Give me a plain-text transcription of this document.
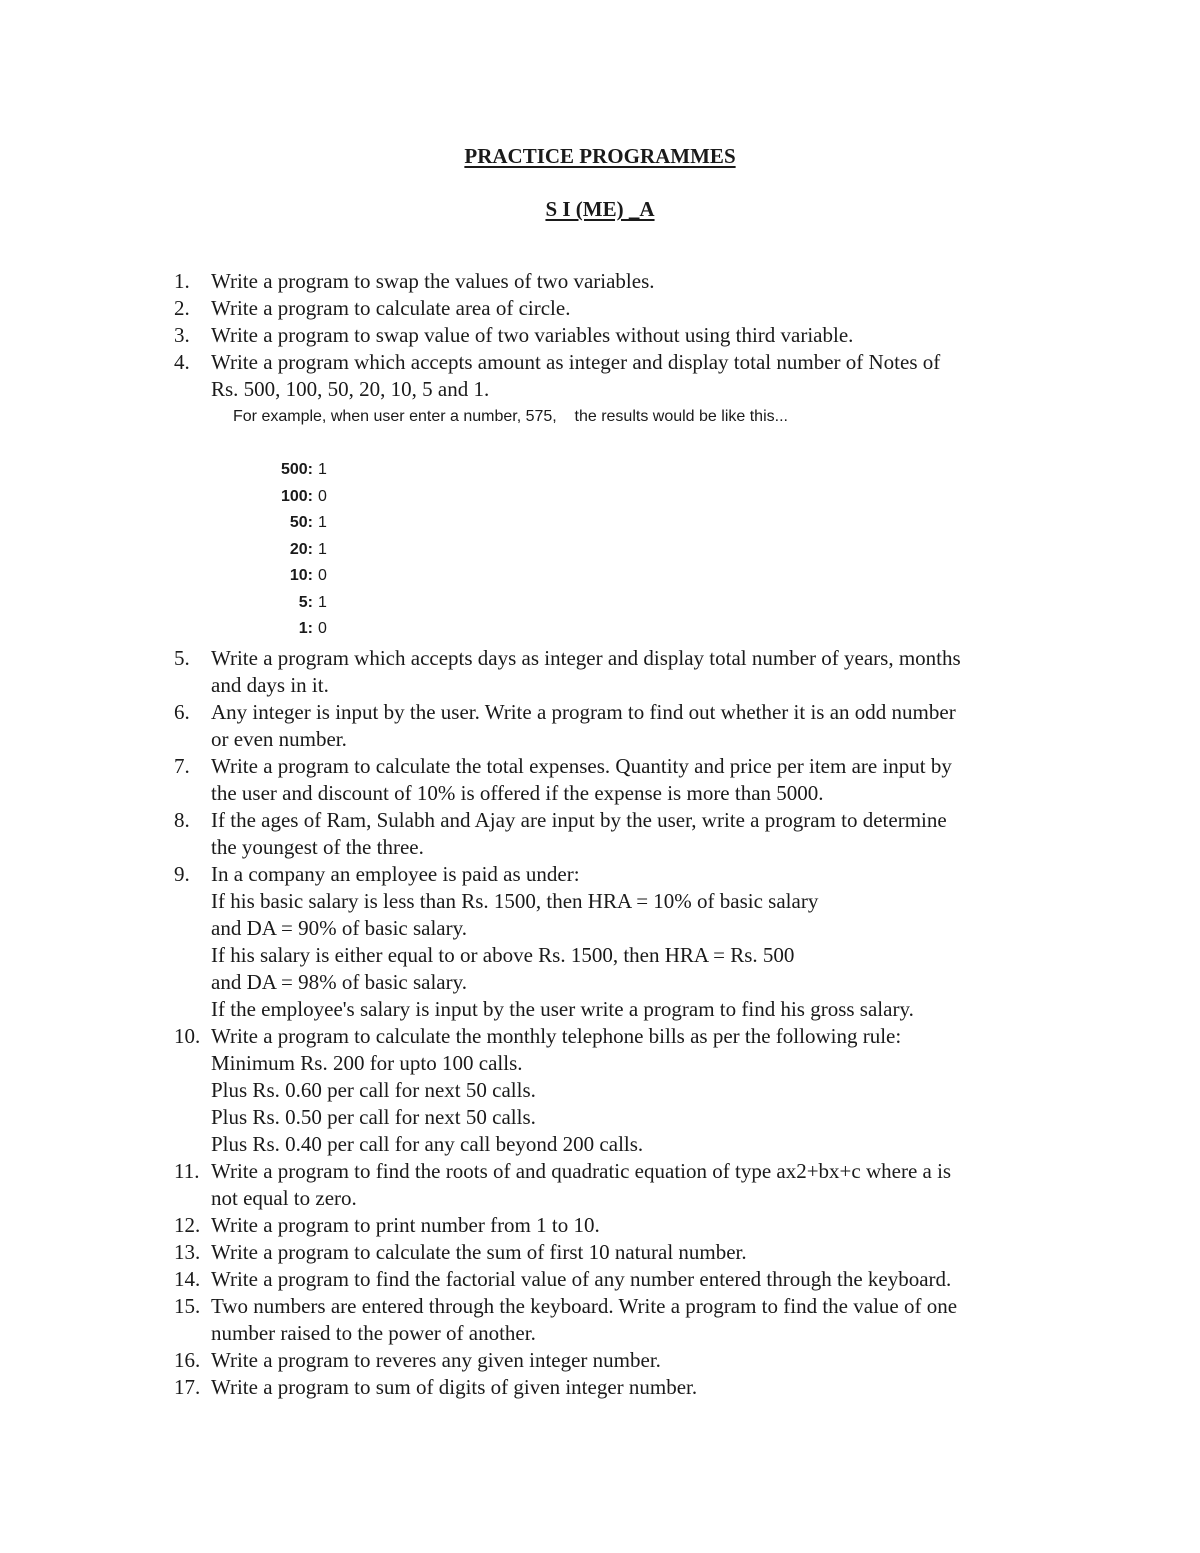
PRACTICE PROGRAMMES
S I (ME) _A
1.	Write a program to swap the values of two variables.
2.	Write a program to calculate area of circle.
3.	Write a program to swap value of two variables without using third variable.
4.	Write a program which accepts amount as integer and display total number of Notes of
Rs. 500, 100, 50, 20, 10, 5 and 1.
For example, when user enter a number, 575,    the results would be like this...
500: 1
100: 0
50: 1
20: 1
10: 0
5: 1
1: 0
5.	Write a program which accepts days as integer and display total number of years, months
and days in it.
6.	Any integer is input by the user. Write a program to find out whether it is an odd number
or even number.
7.	Write a program to calculate the total expenses. Quantity and price per item are input by
the user and discount of 10% is offered if the expense is more than 5000.
8.	If the ages of Ram, Sulabh and Ajay are input by the user, write a program to determine
the youngest of the three.
9.	In a company an employee is paid as under:
If his basic salary is less than Rs. 1500, then HRA = 10% of basic salary
and DA = 90% of basic salary.
If his salary is either equal to or above Rs. 1500, then HRA = Rs. 500
and DA = 98% of basic salary.
If the employee's salary is input by the user write a program to find his gross salary.
10. Write a program to calculate the monthly telephone bills as per the following rule:
Minimum Rs. 200 for upto 100 calls.
Plus Rs. 0.60 per call for next 50 calls.
Plus Rs. 0.50 per call for next 50 calls.
Plus Rs. 0.40 per call for any call beyond 200 calls.
11. Write a program to find the roots of and quadratic equation of type ax2+bx+c where a is
not equal to zero.
12. Write a program to print number from 1 to 10.
13. Write a program to calculate the sum of first 10 natural number.
14. Write a program to find the factorial value of any number entered through the keyboard.
15. Two numbers are entered through the keyboard. Write a program to find the value of one
number raised to the power of another.
16. Write a program to reveres any given integer number.
17. Write a program to sum of digits of given integer number.
